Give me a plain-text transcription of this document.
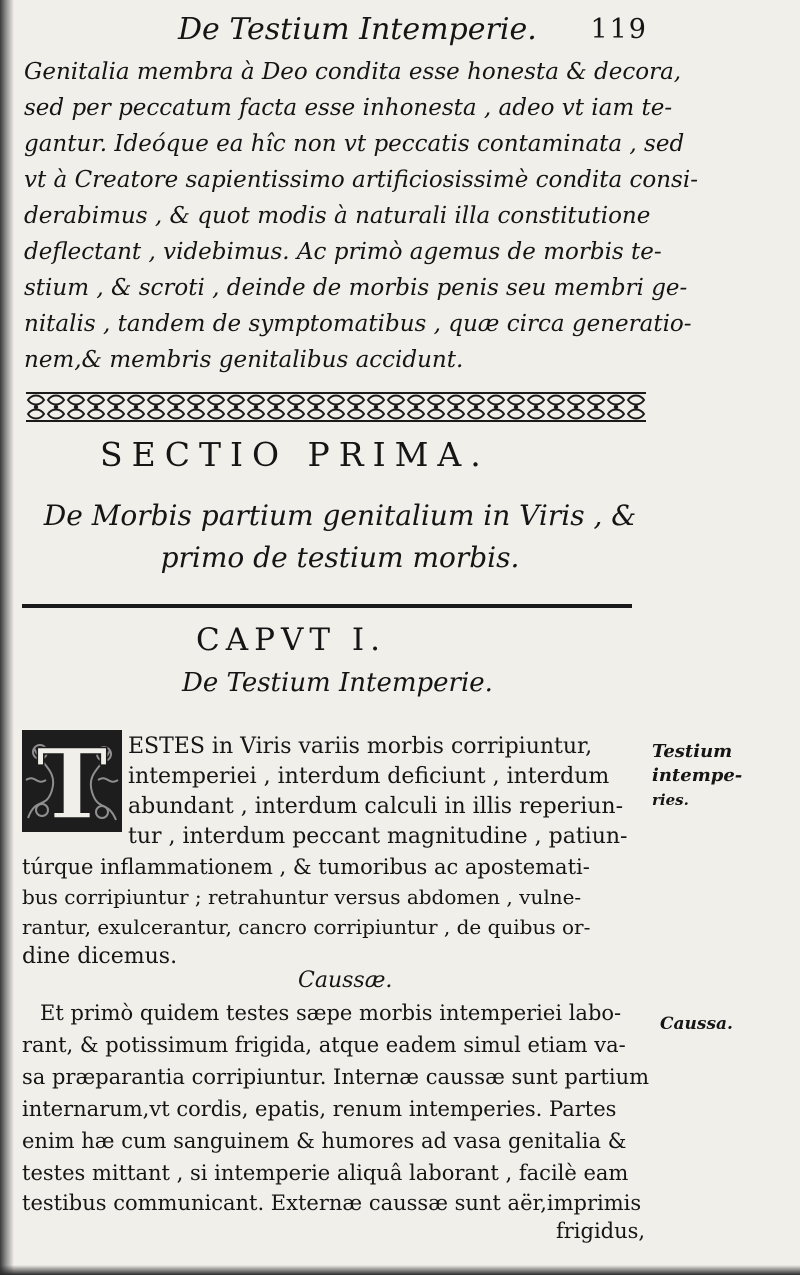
De Testium Intemperie. 119
Genitalia membra à Deo condita esse honesta & decora,
sed per peccatum facta esse inhonesta , adeo vt iam te-
gantur. Ideóque ea hîc non vt peccatis contaminata , sed
vt à Creatore sapientissimo artificiosissimè condita consi-
derabimus , & quot modis à naturali illa constitutione
deflectant , videbimus. Ac primò agemus de morbis te-
stium , & scroti , deinde de morbis penis seu membri ge-
nitalis , tandem de symptomatibus , quæ circa generatio-
nem,& membris genitalibus accidunt.
SECTIO PRIMA.
De Morbis partium genitalium in Viris , &
primo de testium morbis.
CAPVT I.
De Testium Intemperie.
T ESTES in Viris variis morbis corripiuntur,
intemperiei , interdum deficiunt , interdum
abundant , interdum calculi in illis reperiun-
tur , interdum peccant magnitudine , patiun-
túrque inflammationem , & tumoribus ac apostemati-
bus corripiuntur ; retrahuntur versus abdomen , vulne-
rantur, exulcerantur, cancro corripiuntur , de quibus or-
dine dicemus.
Caussæ.
Et primò quidem testes sæpe morbis intemperiei labo-
rant, & potissimum frigida, atque eadem simul etiam va-
sa præparantia corripiuntur. Internæ caussæ sunt partium
internarum,vt cordis, epatis, renum intemperies. Partes
enim hæ cum sanguinem & humores ad vasa genitalia &
testes mittant , si intemperie aliquâ laborant , facilè eam
testibus communicant. Externæ caussæ sunt aër,imprimis
frigidus,
Testium
intempe-
ries.
Caussa.
